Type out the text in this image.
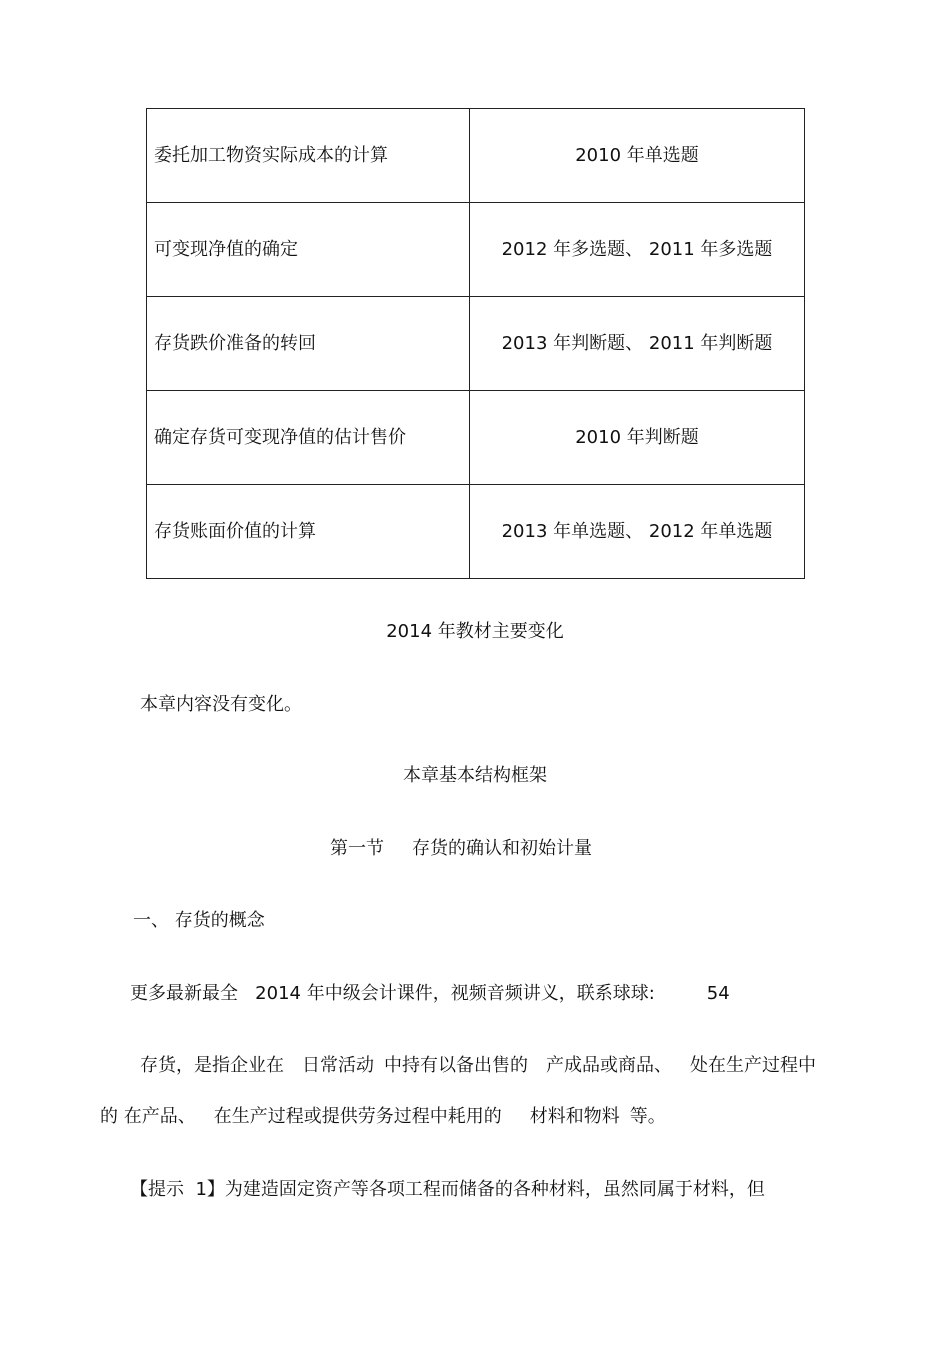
委托加工物资实际成本的计算	2010 年单选题
可变现净值的确定	2012 年多选题、 2011 年多选题
存货跌价准备的转回	2013 年判断题、 2011 年判断题
确定存货可变现净值的估计售价	2010 年判断题
存货账面价值的计算	2013 年单选题、 2012 年单选题
2014 年教材主要变化
本章内容没有变化。
本章基本结构框架
第一节 存货的确认和初始计量
一、 存货的概念
更多最新最全   2014 年中级会计课件，视频音频讲义，联系球球:	54
存货，是指企业在 日常活动 中持有以备出售的 产成品或商品、 处在生产过程中
的 在产品、 在生产过程或提供劳务过程中耗用的 材料和物料 等。
【提示  1】为建造固定资产等各项工程而储备的各种材料，虽然同属于材料，但
